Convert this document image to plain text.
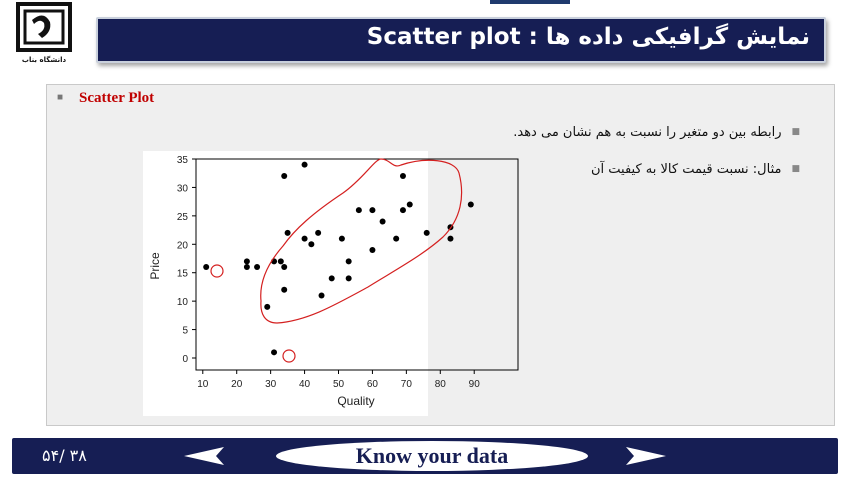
دانشگاه بناب
نمایش گرافیکی داده ها : Scatter plot
■ Scatter Plot
■رابطه بین دو متغیر را نسبت به هم نشان می دهد.
■مثال: نسبت قیمت کالا به کیفیت آن
0
5
10
15
20
25
30
35
10 20 30 40 50 60 70 80 90
Quality
Price
۳۸ /۵۴	Know your data
